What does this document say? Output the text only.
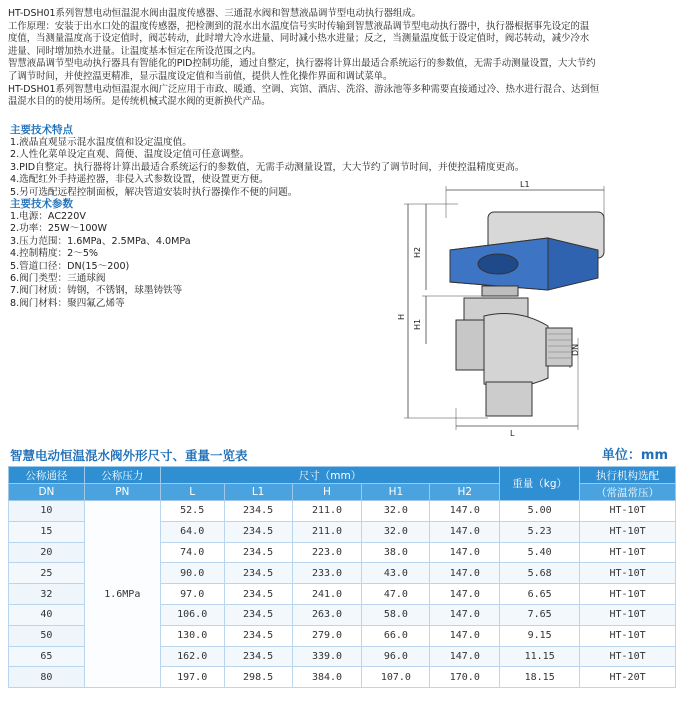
HT-DSH01系列智慧电动恒温混水阀由温度传感器、三通混水阀和智慧液晶调节型电动执行器组成。

工作原理：安装于出水口处的温度传感器，把检测到的混水出水温度信号实时传输到智慧液晶调节型电动执行器中，执行器根据事先设定的温

度值，当测量温度高于设定值时，阀芯转动，此时增大冷水进量、同时减小热水进量；反之，当测量温度低于设定值时，阀芯转动，减少冷水

进量、同时增加热水进量。让温度基本恒定在所设范围之内。

智慧液晶调节型电动执行器具有智能化的PID控制功能，通过自整定，执行器将计算出最适合系统运行的参数值，无需手动测量设置，大大节约

了调节时间，并使控温更精准，显示温度设定值和当前值，提供人性化操作界面和调试菜单。

HT-DSH01系列智慧电动恒温混水阀广泛应用于市政、暖通、空调、宾馆、酒店、洗浴、游泳池等多种需要直接通过冷、热水进行混合、达到恒

温混水目的的使用场所。是传统机械式混水阀的更新换代产品。

主要技术特点

1.液晶直观显示混水温度值和设定温度值。

2.人性化菜单设定直观、简便、温度设定值可任意调整。

3.PID自整定。执行器将计算出最适合系统运行的参数值，无需手动测量设置，大大节约了调节时间，并使控温精度更高。

4.选配红外手持遥控器，非侵入式参数设置，使设置更方便。

5.另可选配远程控制面板，解决管道安装时执行器操作不便的问题。

主要技术参数

1.电源：AC220V

2.功率：25W～100W

3.压力范围：1.6MPa、2.5MPa、4.0MPa

4.控制精度：2～5%

5.管道口径：DN(15～200)

6.阀门类型：三通球阀

7.阀门材质：铸钢，不锈钢，球墨铸铁等

8.阀门材料：聚四氟乙烯等

L1
H2
H
H1
DN
L
智慧电动恒温混水阀外形尺寸、重量一览表	单位：mm
公称通径	公称压力	尺寸（mm）					重量（kg）	执行机构选配
DN	PN	L	L1	H	H1	H2		（常温常压）
10	1.6MPa	52.5	234.5	211.0	32.0	147.0	5.00	HT-10T
15		64.0	234.5	211.0	32.0	147.0	5.23	HT-10T
20		74.0	234.5	223.0	38.0	147.0	5.40	HT-10T
25		90.0	234.5	233.0	43.0	147.0	5.68	HT-10T
32		97.0	234.5	241.0	47.0	147.0	6.65	HT-10T
40		106.0	234.5	263.0	58.0	147.0	7.65	HT-10T
50		130.0	234.5	279.0	66.0	147.0	9.15	HT-10T
65		162.0	234.5	339.0	96.0	147.0	11.15	HT-10T
80		197.0	298.5	384.0	107.0	170.0	18.15	HT-20T
